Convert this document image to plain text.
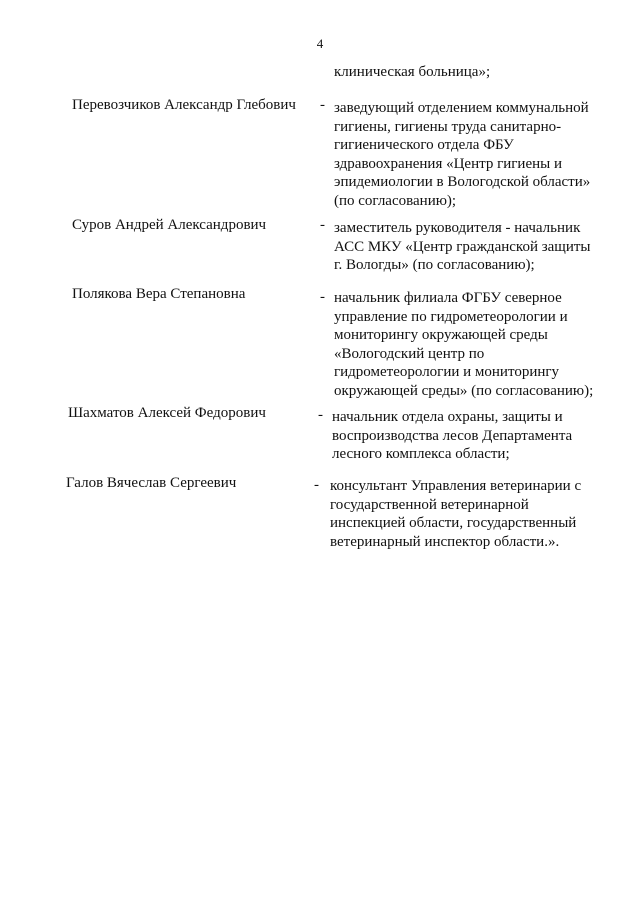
4
клиническая больница»;
Перевозчиков Александр Глебович - заведующий отделением коммунальной
гигиены, гигиены труда санитарно-
гигиенического отдела ФБУ
здравоохранения «Центр гигиены и
эпидемиологии в Вологодской области»
(по согласованию);
Суров Андрей Александрович	- заместитель руководителя - начальник
АСС МКУ «Центр гражданской защиты
г. Вологды» (по согласованию);
Полякова Вера Степановна	- начальник филиала ФГБУ северное
управление по гидрометеорологии и
мониторингу окружающей среды
«Вологодский центр по
гидрометеорологии и мониторингу
окружающей среды» (по согласованию);
Шахматов Алексей Федорович	- начальник отдела охраны, защиты и
воспроизводства лесов Департамента
лесного комплекса области;
Галов Вячеслав Сергеевич	- консультант Управления ветеринарии с
государственной ветеринарной
инспекцией области, государственный
ветеринарный инспектор области.».
